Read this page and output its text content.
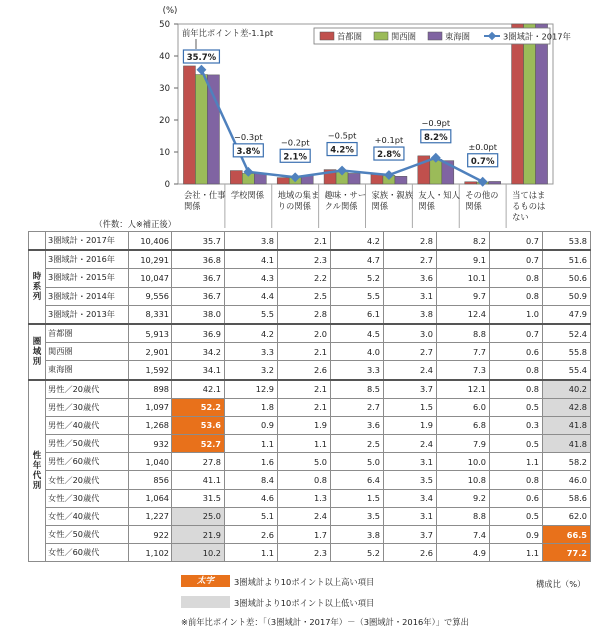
0
10
20
30
40
50
(%)
会社・仕事
関係
学校関係 地域の集ま
りの関係
趣味・サー
クル関係
家族・親族
関係
友人・知人
関係
その他の
関係
当てはま
るものは
ない
35.7%
前年比ポイント差-1.1pt
3.8%
−0.3pt
2.1%
−0.2pt
4.2%
−0.5pt
2.8%
+0.1pt 8.2%
−0.9pt
0.7%
±0.0pt
首都圏	関西圏	東海圏	3圏域計・2017年
（件数：人※補正後）
	3圏域計・2017年	10,406	35.7	3.8	2.1	4.2	2.8	8.2	0.7	53.8
時
系
列	3圏域計・2016年	10,291	36.8	4.1	2.3	4.7	2.7	9.1	0.7	51.6
	3圏域計・2015年	10,047	36.7	4.3	2.2	5.2	3.6	10.1	0.8	50.6
	3圏域計・2014年	9,556	36.7	4.4	2.5	5.5	3.1	9.7	0.8	50.9
	3圏域計・2013年	8,331	38.0	5.5	2.8	6.1	3.8	12.4	1.0	47.9
圏
域
別	首都圏	5,913	36.9	4.2	2.0	4.5	3.0	8.8	0.7	52.4
	関西圏	2,901	34.2	3.3	2.1	4.0	2.7	7.7	0.6	55.8
	東海圏	1,592	34.1	3.2	2.6	3.3	2.4	7.3	0.8	55.4
性
年
代
別	男性／20歳代	898	42.1	12.9	2.1	8.5	3.7	12.1	0.8	40.2
	男性／30歳代	1,097	52.2	1.8	2.1	2.7	1.5	6.0	0.5	42.8
	男性／40歳代	1,268	53.6	0.9	1.9	3.6	1.9	6.8	0.3	41.8
	男性／50歳代	932	52.7	1.1	1.1	2.5	2.4	7.9	0.5	41.8
	男性／60歳代	1,040	27.8	1.6	5.0	5.0	3.1	10.0	1.1	58.2
	女性／20歳代	856	41.1	8.4	0.8	6.4	3.5	10.8	0.8	46.0
	女性／30歳代	1,064	31.5	4.6	1.3	1.5	3.4	9.2	0.6	58.6
	女性／40歳代	1,227	25.0	5.1	2.4	3.5	3.1	8.8	0.5	62.0
	女性／50歳代	922	21.9	2.6	1.7	3.8	3.7	7.4	0.9	66.5
	女性／60歳代	1,102	10.2	1.1	2.3	5.2	2.6	4.9	1.1	77.2
太字	3圏域計より10ポイント以上高い項目	構成比（%）
3圏域計より10ポイント以上低い項目
※前年比ポイント差：「（3圏域計・2017年）－（3圏域計・2016年）」で算出
